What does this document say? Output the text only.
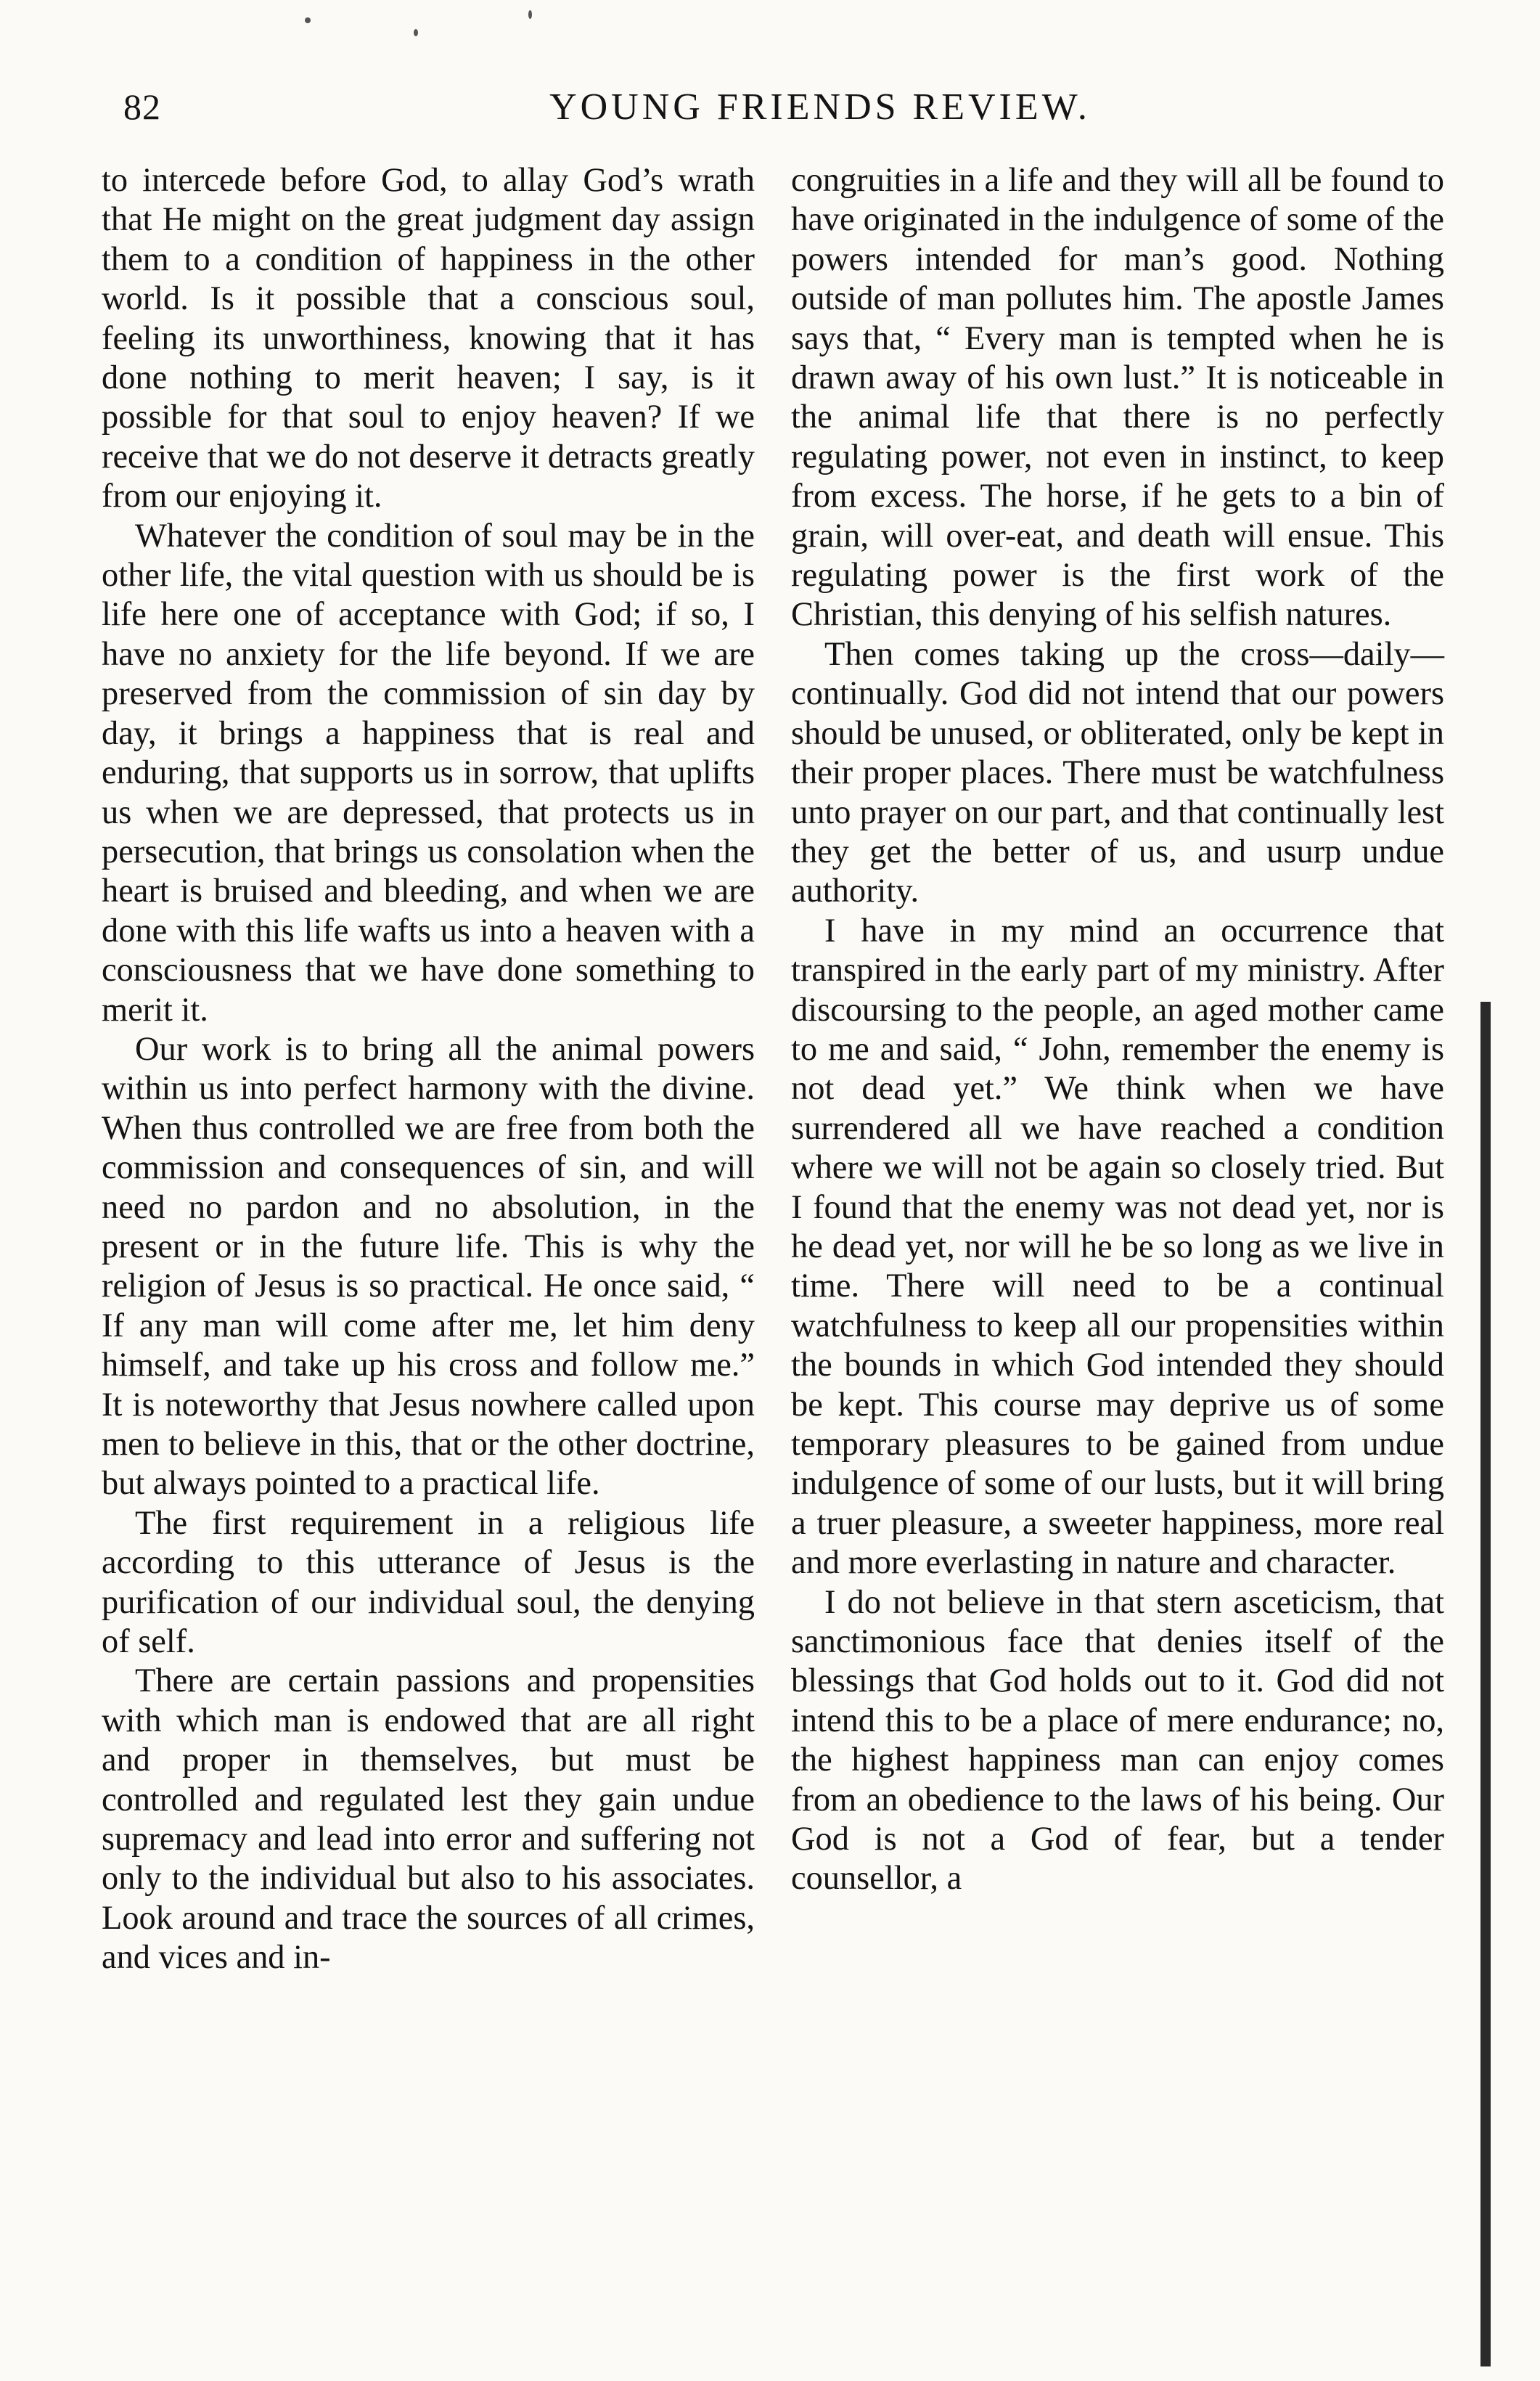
82	YOUNG FRIENDS REVIEW.

to intercede before God, to allay God’s wrath that He might on the great judgment day assign them to a condition of happiness in the other world. Is it possible that a conscious soul, feeling its unworthiness, knowing that it has done nothing to merit heaven; I say, is it possible for that soul to enjoy heaven? If we receive that we do not deserve it detracts greatly from our enjoying it.

Whatever the condition of soul may be in the other life, the vital question with us should be is life here one of acceptance with God; if so, I have no anxiety for the life beyond. If we are preserved from the commission of sin day by day, it brings a happiness that is real and enduring, that supports us in sorrow, that uplifts us when we are depressed, that protects us in persecution, that brings us consolation when the heart is bruised and bleeding, and when we are done with this life wafts us into a heaven with a consciousness that we have done something to merit it.

Our work is to bring all the animal powers within us into perfect harmony with the divine. When thus controlled we are free from both the commission and consequences of sin, and will need no pardon and no absolution, in the present or in the future life. This is why the religion of Jesus is so practical. He once said, “ If any man will come after me, let him deny himself, and take up his cross and follow me.” It is noteworthy that Jesus nowhere called upon men to believe in this, that or the other doctrine, but always pointed to a practical life.

The first requirement in a religious life according to this utterance of Jesus is the purification of our individual soul, the denying of self.

There are certain passions and propensities with which man is endowed that are all right and proper in themselves, but must be controlled and regulated lest they gain undue supremacy and lead into error and suffering not only to the individual but also to his associates. Look around and trace the sources of all crimes, and vices and in-

congruities in a life and they will all be found to have originated in the indulgence of some of the powers intended for man’s good. Nothing outside of man pollutes him. The apostle James says that, “ Every man is tempted when he is drawn away of his own lust.” It is noticeable in the animal life that there is no perfectly regulating power, not even in instinct, to keep from excess. The horse, if he gets to a bin of grain, will over-eat, and death will ensue. This regulating power is the first work of the Christian, this denying of his selfish natures.

Then comes taking up the cross—daily—continually. God did not intend that our powers should be unused, or obliterated, only be kept in their proper places. There must be watchfulness unto prayer on our part, and that continually lest they get the better of us, and usurp undue authority.

I have in my mind an occurrence that transpired in the early part of my ministry. After discoursing to the people, an aged mother came to me and said, “ John, remember the enemy is not dead yet.” We think when we have surrendered all we have reached a condition where we will not be again so closely tried. But I found that the enemy was not dead yet, nor is he dead yet, nor will he be so long as we live in time. There will need to be a continual watchfulness to keep all our propensities within the bounds in which God intended they should be kept. This course may deprive us of some temporary pleasures to be gained from undue indulgence of some of our lusts, but it will bring a truer pleasure, a sweeter happiness, more real and more everlasting in nature and character.

I do not believe in that stern asceticism, that sanctimonious face that denies itself of the blessings that God holds out to it. God did not intend this to be a place of mere endurance; no, the highest happiness man can enjoy comes from an obedience to the laws of his being. Our God is not a God of fear, but a tender counsellor, a
